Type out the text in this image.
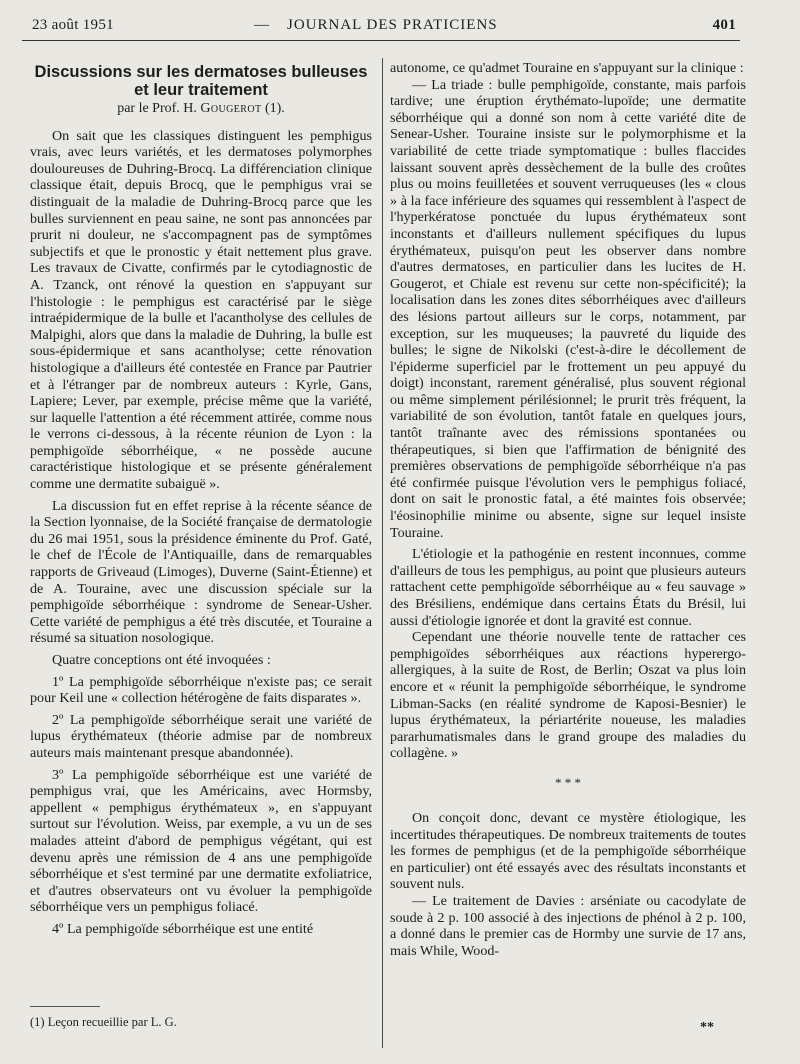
23 août 1951	— JOURNAL DES PRATICIENS	401
Discussions sur les dermatoses bulleuses et leur traitement
par le Prof. H. Gougerot (1).

On sait que les classiques distinguent les pemphigus vrais, avec leurs variétés, et les dermatoses polymorphes douloureuses de Duhring-Brocq. La différenciation clinique classique était, depuis Brocq, que le pemphigus vrai se distinguait de la maladie de Duhring-Brocq parce que les bulles surviennent en peau saine, ne sont pas annoncées par prurit ni douleur, ne s'accompagnent pas de symptômes subjectifs et que le pronostic y était nettement plus grave. Les travaux de Civatte, confirmés par le cytodiagnostic de A. Tzanck, ont rénové la question en s'appuyant sur l'histologie : le pemphigus est caractérisé par le siège intraépidermique de la bulle et l'acantholyse des cellules de Malpighi, alors que dans la maladie de Duhring, la bulle est sous-épidermique et sans acantholyse; cette rénovation histologique a d'ailleurs été contestée en France par Pautrier et à l'étranger par de nombreux auteurs : Kyrle, Gans, Lapiere; Lever, par exemple, précise même que la variété, sur laquelle l'attention a été récemment attirée, comme nous le verrons ci-dessous, à la récente réunion de Lyon : la pemphigoïde séborrhéique, « ne possède aucune caractéristique histologique et se présente généralement comme une dermatite subaiguë ».

La discussion fut en effet reprise à la récente séance de la Section lyonnaise, de la Société française de dermatologie du 26 mai 1951, sous la présidence éminente du Prof. Gaté, le chef de l'École de l'Antiquaille, dans de remarquables rapports de Griveaud (Limoges), Duverne (Saint-Étienne) et de A. Touraine, avec une discussion spéciale sur la pemphigoïde séborrhéique : syndrome de Senear-Usher. Cette variété de pemphigus a été très discutée, et Touraine a résumé sa situation nosologique.

Quatre conceptions ont été invoquées :

1º La pemphigoïde séborrhéique n'existe pas; ce serait pour Keil une « collection hétérogène de faits disparates ».

2º La pemphigoïde séborrhéique serait une variété de lupus érythémateux (théorie admise par de nombreux auteurs mais maintenant presque abandonnée).

3º La pemphigoïde séborrhéique est une variété de pemphigus vrai, que les Américains, avec Hormsby, appellent « pemphigus érythémateux », en s'appuyant surtout sur l'évolution. Weiss, par exemple, a vu un de ses malades atteint d'abord de pemphigus végétant, qui est devenu après une rémission de 4 ans une pemphigoïde séborrhéique et s'est terminé par une dermatite exfoliatrice, et d'autres observateurs ont vu évoluer la pemphigoïde séborrhéique vers un pemphigus foliacé.

4º La pemphigoïde séborrhéique est une entité

(1) Leçon recueillie par L. G.

autonome, ce qu'admet Touraine en s'appuyant sur la clinique :

— La triade : bulle pemphigoïde, constante, mais parfois tardive; une éruption érythémato-lupoïde; une dermatite séborrhéique qui a donné son nom à cette variété dite de Senear-Usher. Touraine insiste sur le polymorphisme et la variabilité de cette triade symptomatique : bulles flaccides laissant souvent après dessèchement de la bulle des croûtes plus ou moins feuilletées et souvent verruqueuses (les « clous » à la face inférieure des squames qui ressemblent à l'aspect de l'hyperkératose ponctuée du lupus érythémateux sont inconstants et d'ailleurs nullement spécifiques du lupus érythémateux, puisqu'on peut les observer dans nombre d'autres dermatoses, en particulier dans les lucites de H. Gougerot, et Chiale est revenu sur cette non-spécificité); la localisation dans les zones dites séborrhéiques avec d'ailleurs des lésions partout ailleurs sur le corps, notamment, par exception, sur les muqueuses; la pauvreté du liquide des bulles; le signe de Nikolski (c'est-à-dire le décollement de l'épiderme superficiel par le frottement un peu appuyé du doigt) inconstant, rarement généralisé, plus souvent régional ou même simplement périlésionnel; le prurit très fréquent, la variabilité de son évolution, tantôt fatale en quelques jours, tantôt traînante avec des rémissions spontanées ou thérapeutiques, si bien que l'affirmation de bénignité des premières observations de pemphigoïde séborrhéique n'a pas été confirmée puisque l'évolution vers le pemphigus foliacé, dont on sait le pronostic fatal, a été maintes fois observée; l'éosinophilie minime ou absente, signe sur lequel insiste Touraine.

L'étiologie et la pathogénie en restent inconnues, comme d'ailleurs de tous les pemphigus, au point que plusieurs auteurs rattachent cette pemphigoïde séborrhéique au « feu sauvage » des Brésiliens, endémique dans certains États du Brésil, lui aussi d'étiologie ignorée et dont la gravité est connue.

Cependant une théorie nouvelle tente de rattacher ces pemphigoïdes séborrhéiques aux réactions hyperergo-allergiques, à la suite de Rost, de Berlin; Oszat va plus loin encore et « réunit la pemphigoïde séborrhéique, le syndrome Libman-Sacks (en réalité syndrome de Kaposi-Besnier) le lupus érythémateux, la périartérite noueuse, les maladies pararhumatismales dans le grand groupe des maladies du collagène. »

* * *

On conçoit donc, devant ce mystère étiologique, les incertitudes thérapeutiques. De nombreux traitements de toutes les formes de pemphigus (et de la pemphigoïde séborrhéique en particulier) ont été essayés avec des résultats inconstants et souvent nuls.

— Le traitement de Davies : arséniate ou cacodylate de soude à 2 p. 100 associé à des injections de phénol à 2 p. 100, a donné dans le premier cas de Hormby une survie de 17 ans, mais While, Wood-

**
